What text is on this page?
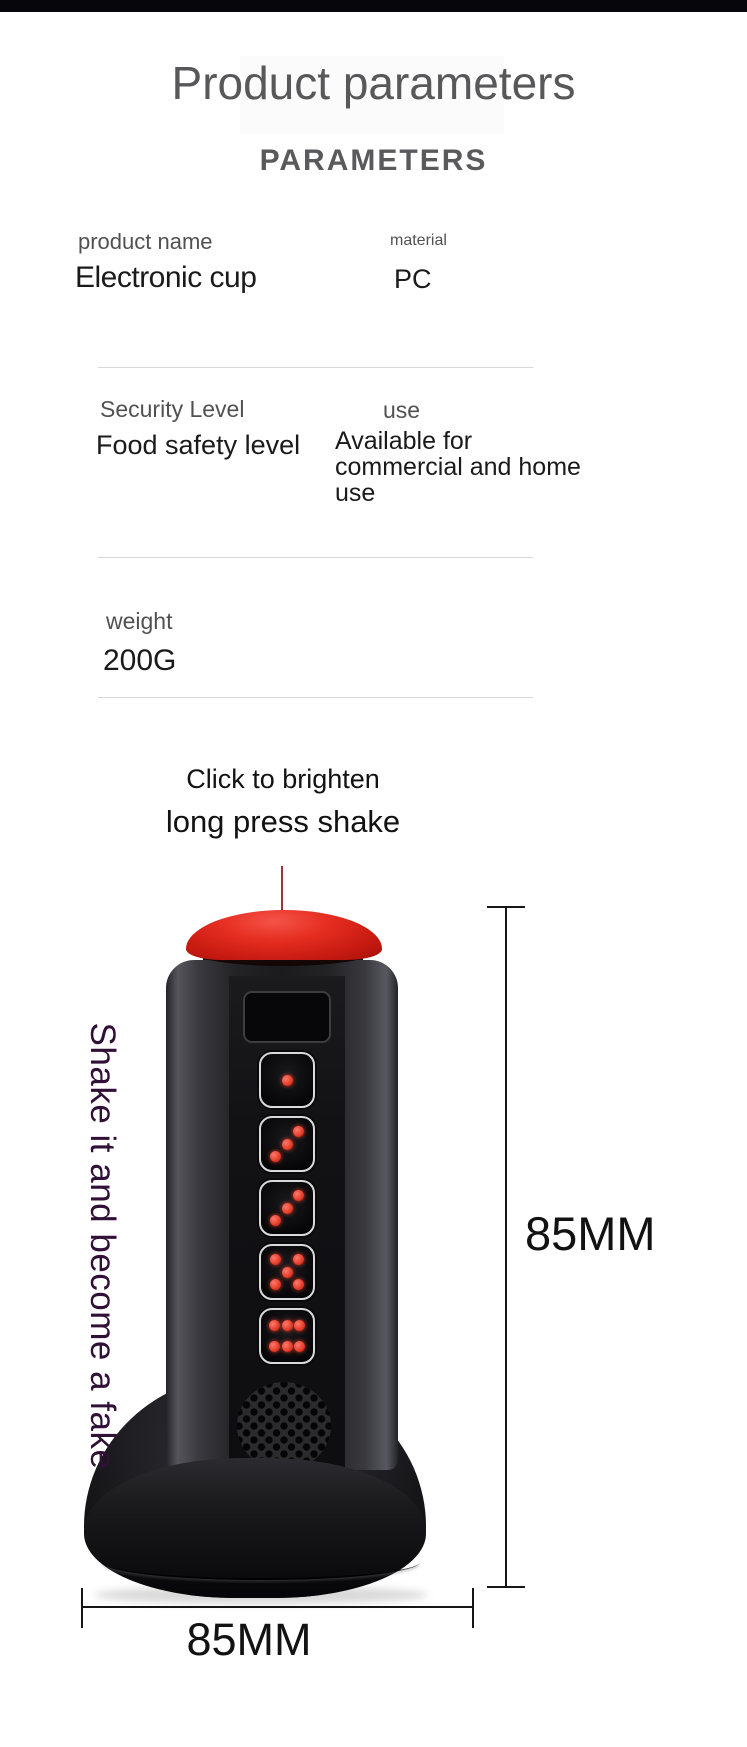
Product parameters
PARAMETERS
product name
Electronic cup
material
PC
Security Level
Food safety level
use
Available for commercial and home use
weight
200G
Click to brighten
long press shake
Shake it and become a fake	85MM
85MM
